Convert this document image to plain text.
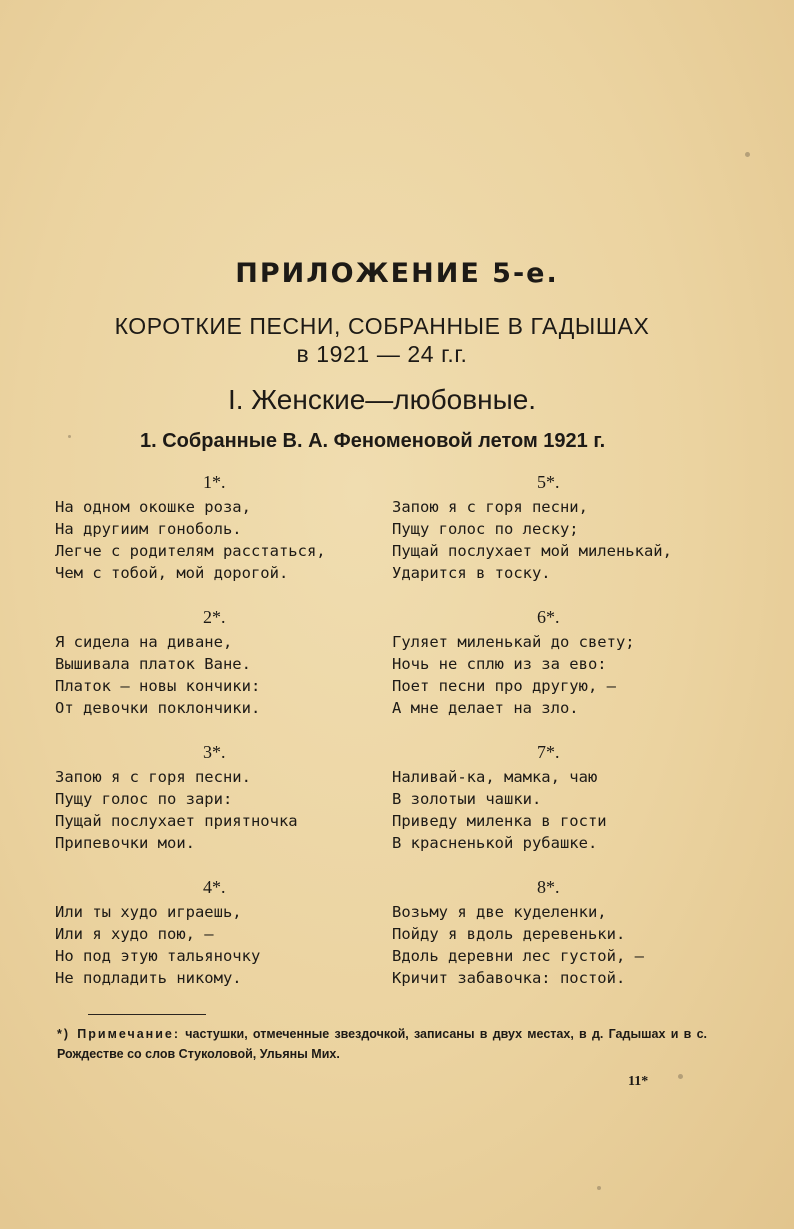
ПРИЛОЖЕНИЕ 5-е.
КОРОТКИЕ ПЕСНИ, СОБРАННЫЕ В ГАДЫШАХ
в 1921 — 24 г.г.
I. Женские—любовные.
1. Собранные В. А. Феноменовой летом 1921 г.
1*.
На одном окошке роза,
На другиим гоноболь.
Легче с родителям расстаться,
Чем с тобой, мой дорогой.
2*.
Я сидела на диване,
Вышивала платок Ване.
Платок — новы кончики:
От девочки поклончики.
3*.
Запою я с горя песни.
Пущу голос по зари:
Пущай послухает приятночка
Припевочки мои.
4*.
Или ты худо играешь,
Или я худо пою, —
Но под этую тальяночку
Не подладить никому.
5*.
Запою я с горя песни,
Пущу голос по леску;
Пущай послухает мой миленькай,
Ударится в тоску.
6*.
Гуляет миленькай до свету;
Ночь не сплю из за ево:
Поет песни про другую, —
А мне делает на зло.
7*.
Наливай-ка, мамка, чаю
В золотыи чашки.
Приведу миленка в гости
В красненькой рубашке.
8*.
Возьму я две куделенки,
Пойду я вдоль деревеньки.
Вдоль деревни лес густой, —
Кричит забавочка: постой.
*) Примечание: частушки, отмеченные звездочкой, записаны в двух местах, в д. Гадышах и в с. Рождестве со слов Стуколовой, Ульяны Мих.
11*
